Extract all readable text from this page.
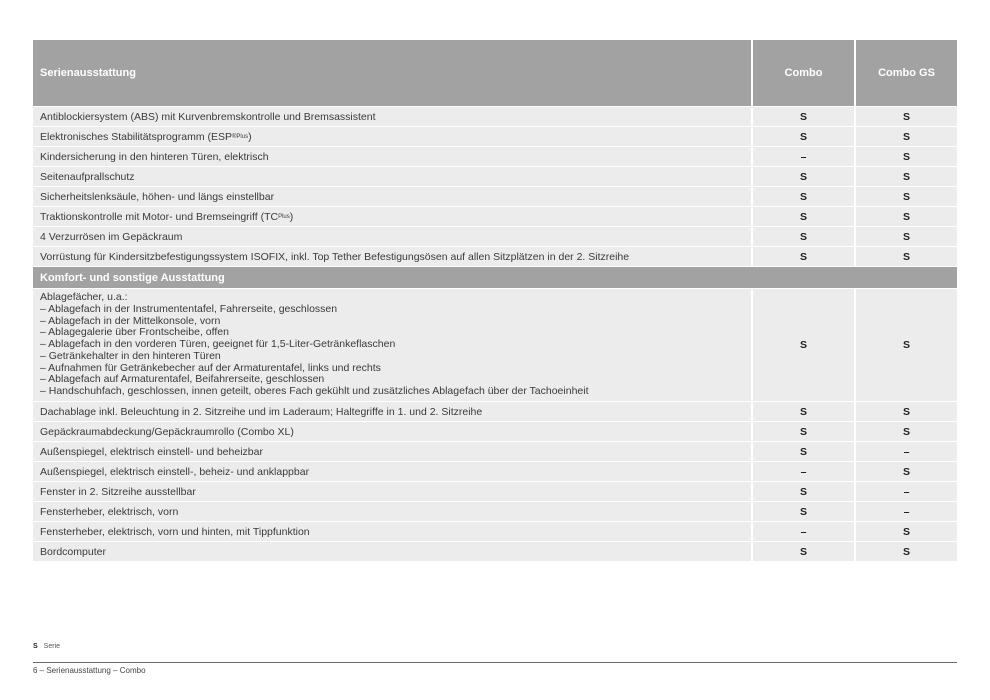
Serienausstattung	Combo	Combo GS
Antiblockiersystem (ABS) mit Kurvenbremskontrolle und Bremsassistent	S	S
Elektronisches Stabilitätsprogramm (ESP ®Plus )	S	S
Kindersicherung in den hinteren Türen, elektrisch	–	S
Seitenaufprallschutz	S	S
Sicherheitslenksäule, höhen- und längs einstellbar	S	S
Traktionskontrolle mit Motor- und Bremseingriff (TC Plus )	S	S
4 Verzurrösen im Gepäckraum	S	S
Vorrüstung für Kindersitzbefestigungssystem ISOFIX, inkl. Top Tether Befestigungsösen auf allen Sitzplätzen in der 2. Sitzreihe	S	S
Komfort- und sonstige Ausstattung
Ablagefächer, u.a.:
– Ablagefach in der Instrumententafel, Fahrerseite, geschlossen
– Ablagefach in der Mittelkonsole, vorn
– Ablagegalerie über Frontscheibe, offen
– Ablagefach in den vorderen Türen, geeignet für 1,5-Liter-Getränkeflaschen
– Getränkehalter in den hinteren Türen
– Aufnahmen für Getränkebecher auf der Armaturentafel, links und rechts
– Ablagefach auf Armaturentafel, Beifahrerseite, geschlossen
– Handschuhfach, geschlossen, innen geteilt, oberes Fach gekühlt und zusätzliches Ablagefach über der Tachoeinheit
S	S
Dachablage inkl. Beleuchtung in 2. Sitzreihe und im Laderaum; Haltegriffe in 1. und 2. Sitzreihe	S	S
Gepäckraumabdeckung/Gepäckraumrollo (Combo XL)	S	S
Außenspiegel, elektrisch einstell- und beheizbar	S	–
Außenspiegel, elektrisch einstell-, beheiz- und anklappbar	–	S
Fenster in 2. Sitzreihe ausstellbar	S	–
Fensterheber, elektrisch, vorn	S	–
Fensterheber, elektrisch, vorn und hinten, mit Tippfunktion	–	S
Bordcomputer	S	S
S Serie
6 – Serienausstattung – Combo
